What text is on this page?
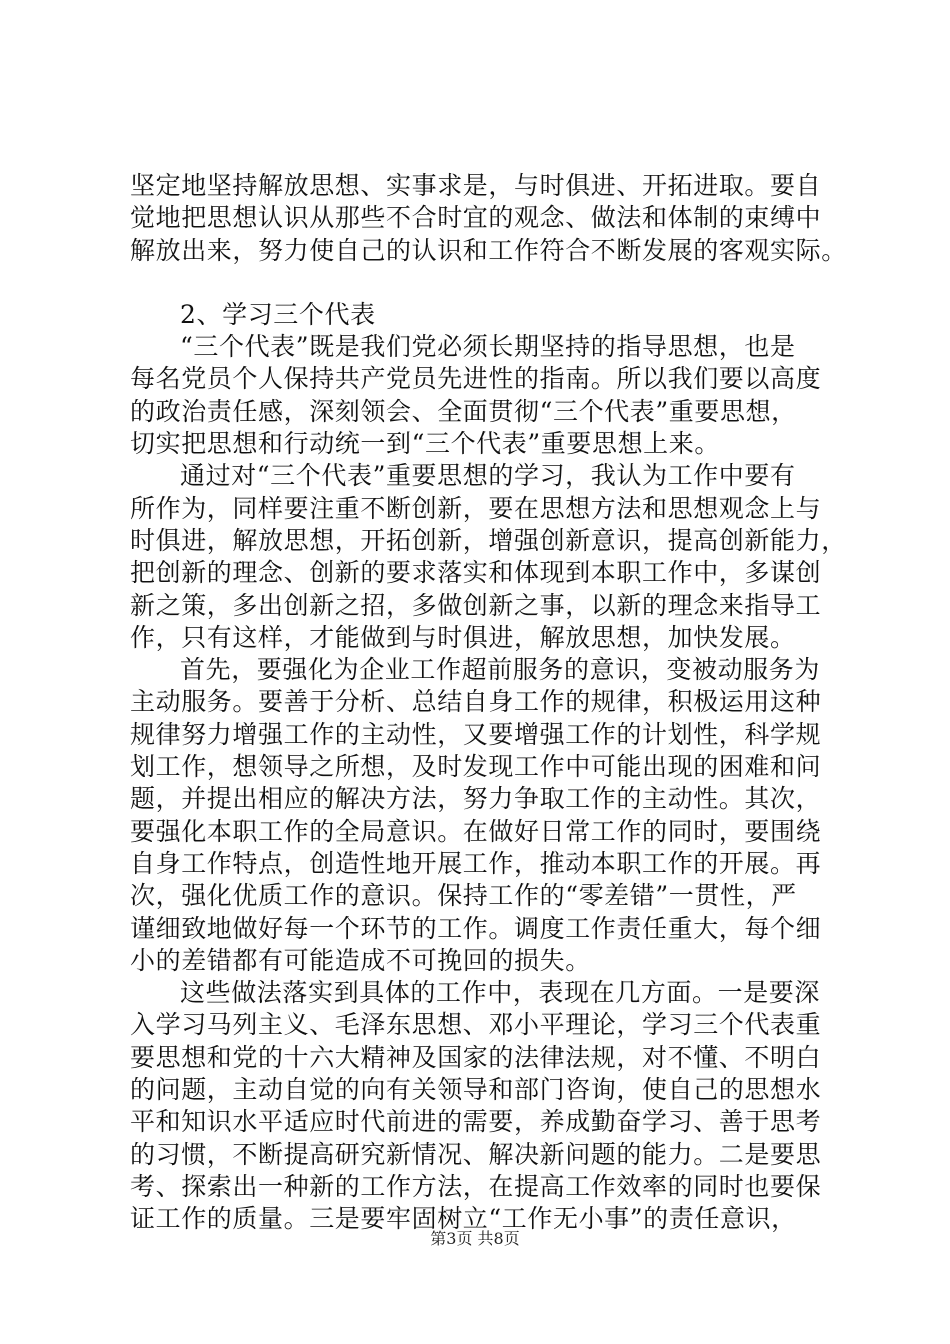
坚定地坚持解放思想、实事求是，与时俱进、开拓进取。要自
觉地把思想认识从那些不合时宜的观念、做法和体制的束缚中
解放出来，努力使自己的认识和工作符合不断发展的客观实际。
2、学习三个代表
“三个代表”既是我们党必须长期坚持的指导思想，也是
每名党员个人保持共产党员先进性的指南。所以我们要以高度
的政治责任感，深刻领会、全面贯彻“三个代表”重要思想，
切实把思想和行动统一到“三个代表”重要思想上来。
通过对“三个代表”重要思想的学习，我认为工作中要有
所作为，同样要注重不断创新，要在思想方法和思想观念上与
时俱进，解放思想，开拓创新，增强创新意识，提高创新能力，
把创新的理念、创新的要求落实和体现到本职工作中，多谋创
新之策，多出创新之招，多做创新之事，以新的理念来指导工
作，只有这样，才能做到与时俱进，解放思想，加快发展。
首先，要强化为企业工作超前服务的意识，变被动服务为
主动服务。要善于分析、总结自身工作的规律，积极运用这种
规律努力增强工作的主动性，又要增强工作的计划性，科学规
划工作，想领导之所想，及时发现工作中可能出现的困难和问
题，并提出相应的解决方法，努力争取工作的主动性。其次，
要强化本职工作的全局意识。在做好日常工作的同时，要围绕
自身工作特点，创造性地开展工作，推动本职工作的开展。再
次，强化优质工作的意识。保持工作的“零差错”一贯性，严
谨细致地做好每一个环节的工作。调度工作责任重大，每个细
小的差错都有可能造成不可挽回的损失。
这些做法落实到具体的工作中，表现在几方面。一是要深
入学习马列主义、毛泽东思想、邓小平理论，学习三个代表重
要思想和党的十六大精神及国家的法律法规，对不懂、不明白
的问题，主动自觉的向有关领导和部门咨询，使自己的思想水
平和知识水平适应时代前进的需要，养成勤奋学习、善于思考
的习惯，不断提高研究新情况、解决新问题的能力。二是要思
考、探索出一种新的工作方法，在提高工作效率的同时也要保
证工作的质量。三是要牢固树立“工作无小事”的责任意识，
第3页 共8页
